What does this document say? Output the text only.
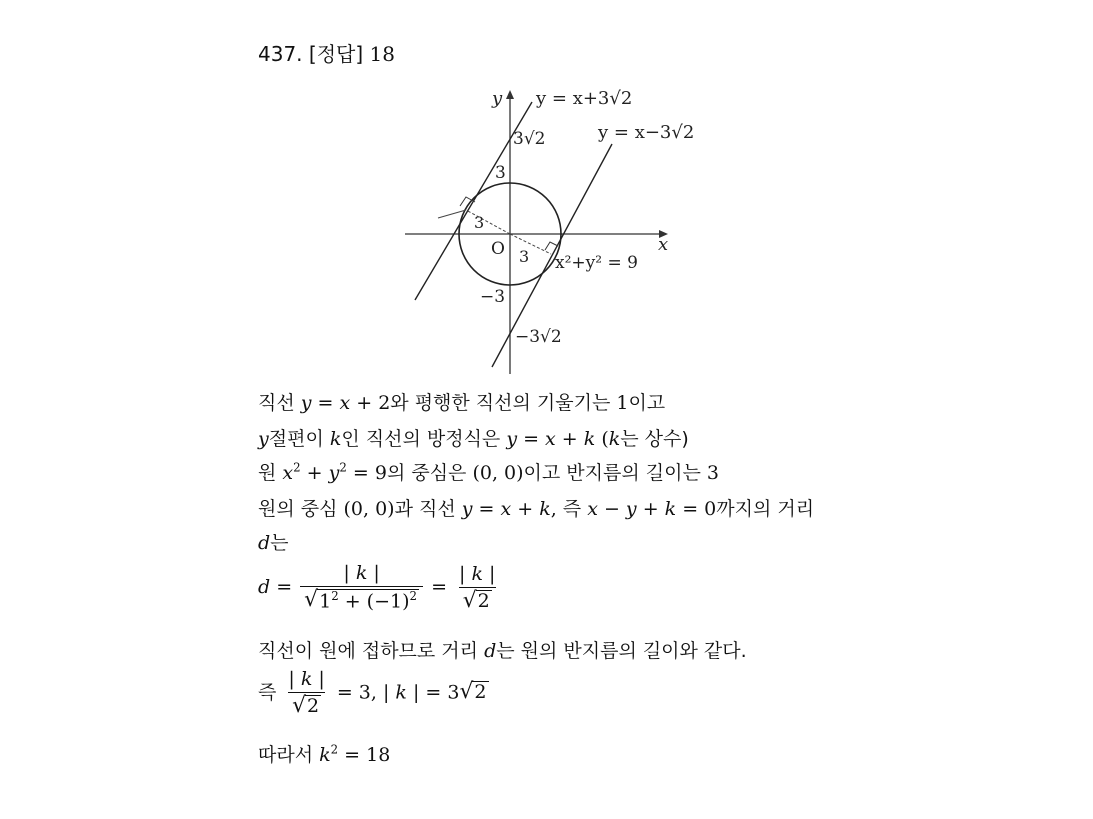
437. [정답] 18
y
x
y = x+3√2
y = x−3√2
3√2
3
O
3
3 x²+y² = 9
−3
−3√2
직선 y = x + 2와 평행한 직선의 기울기는 1이고
y절편이 k인 직선의 방정식은 y = x + k (k는 상수)
원 $x^2 + y^2 = 9$의 중심은 (0, 0)이고 반지름의 길이는 3
원의 중심 (0, 0)과 직선 y = x + k, 즉 x − y + k = 0까지의 거리
d는
$d = \frac{| k |}{√ 1^2 + (-1)^2} = \frac{| k |}{√ 2}$
직선이 원에 접하므로 거리 d는 원의 반지름의 길이와 같다.
즉 $\frac{| k |}{√ 2} = 3$, | k | = 3 √ 2
따라서 $k^2 = 18$
